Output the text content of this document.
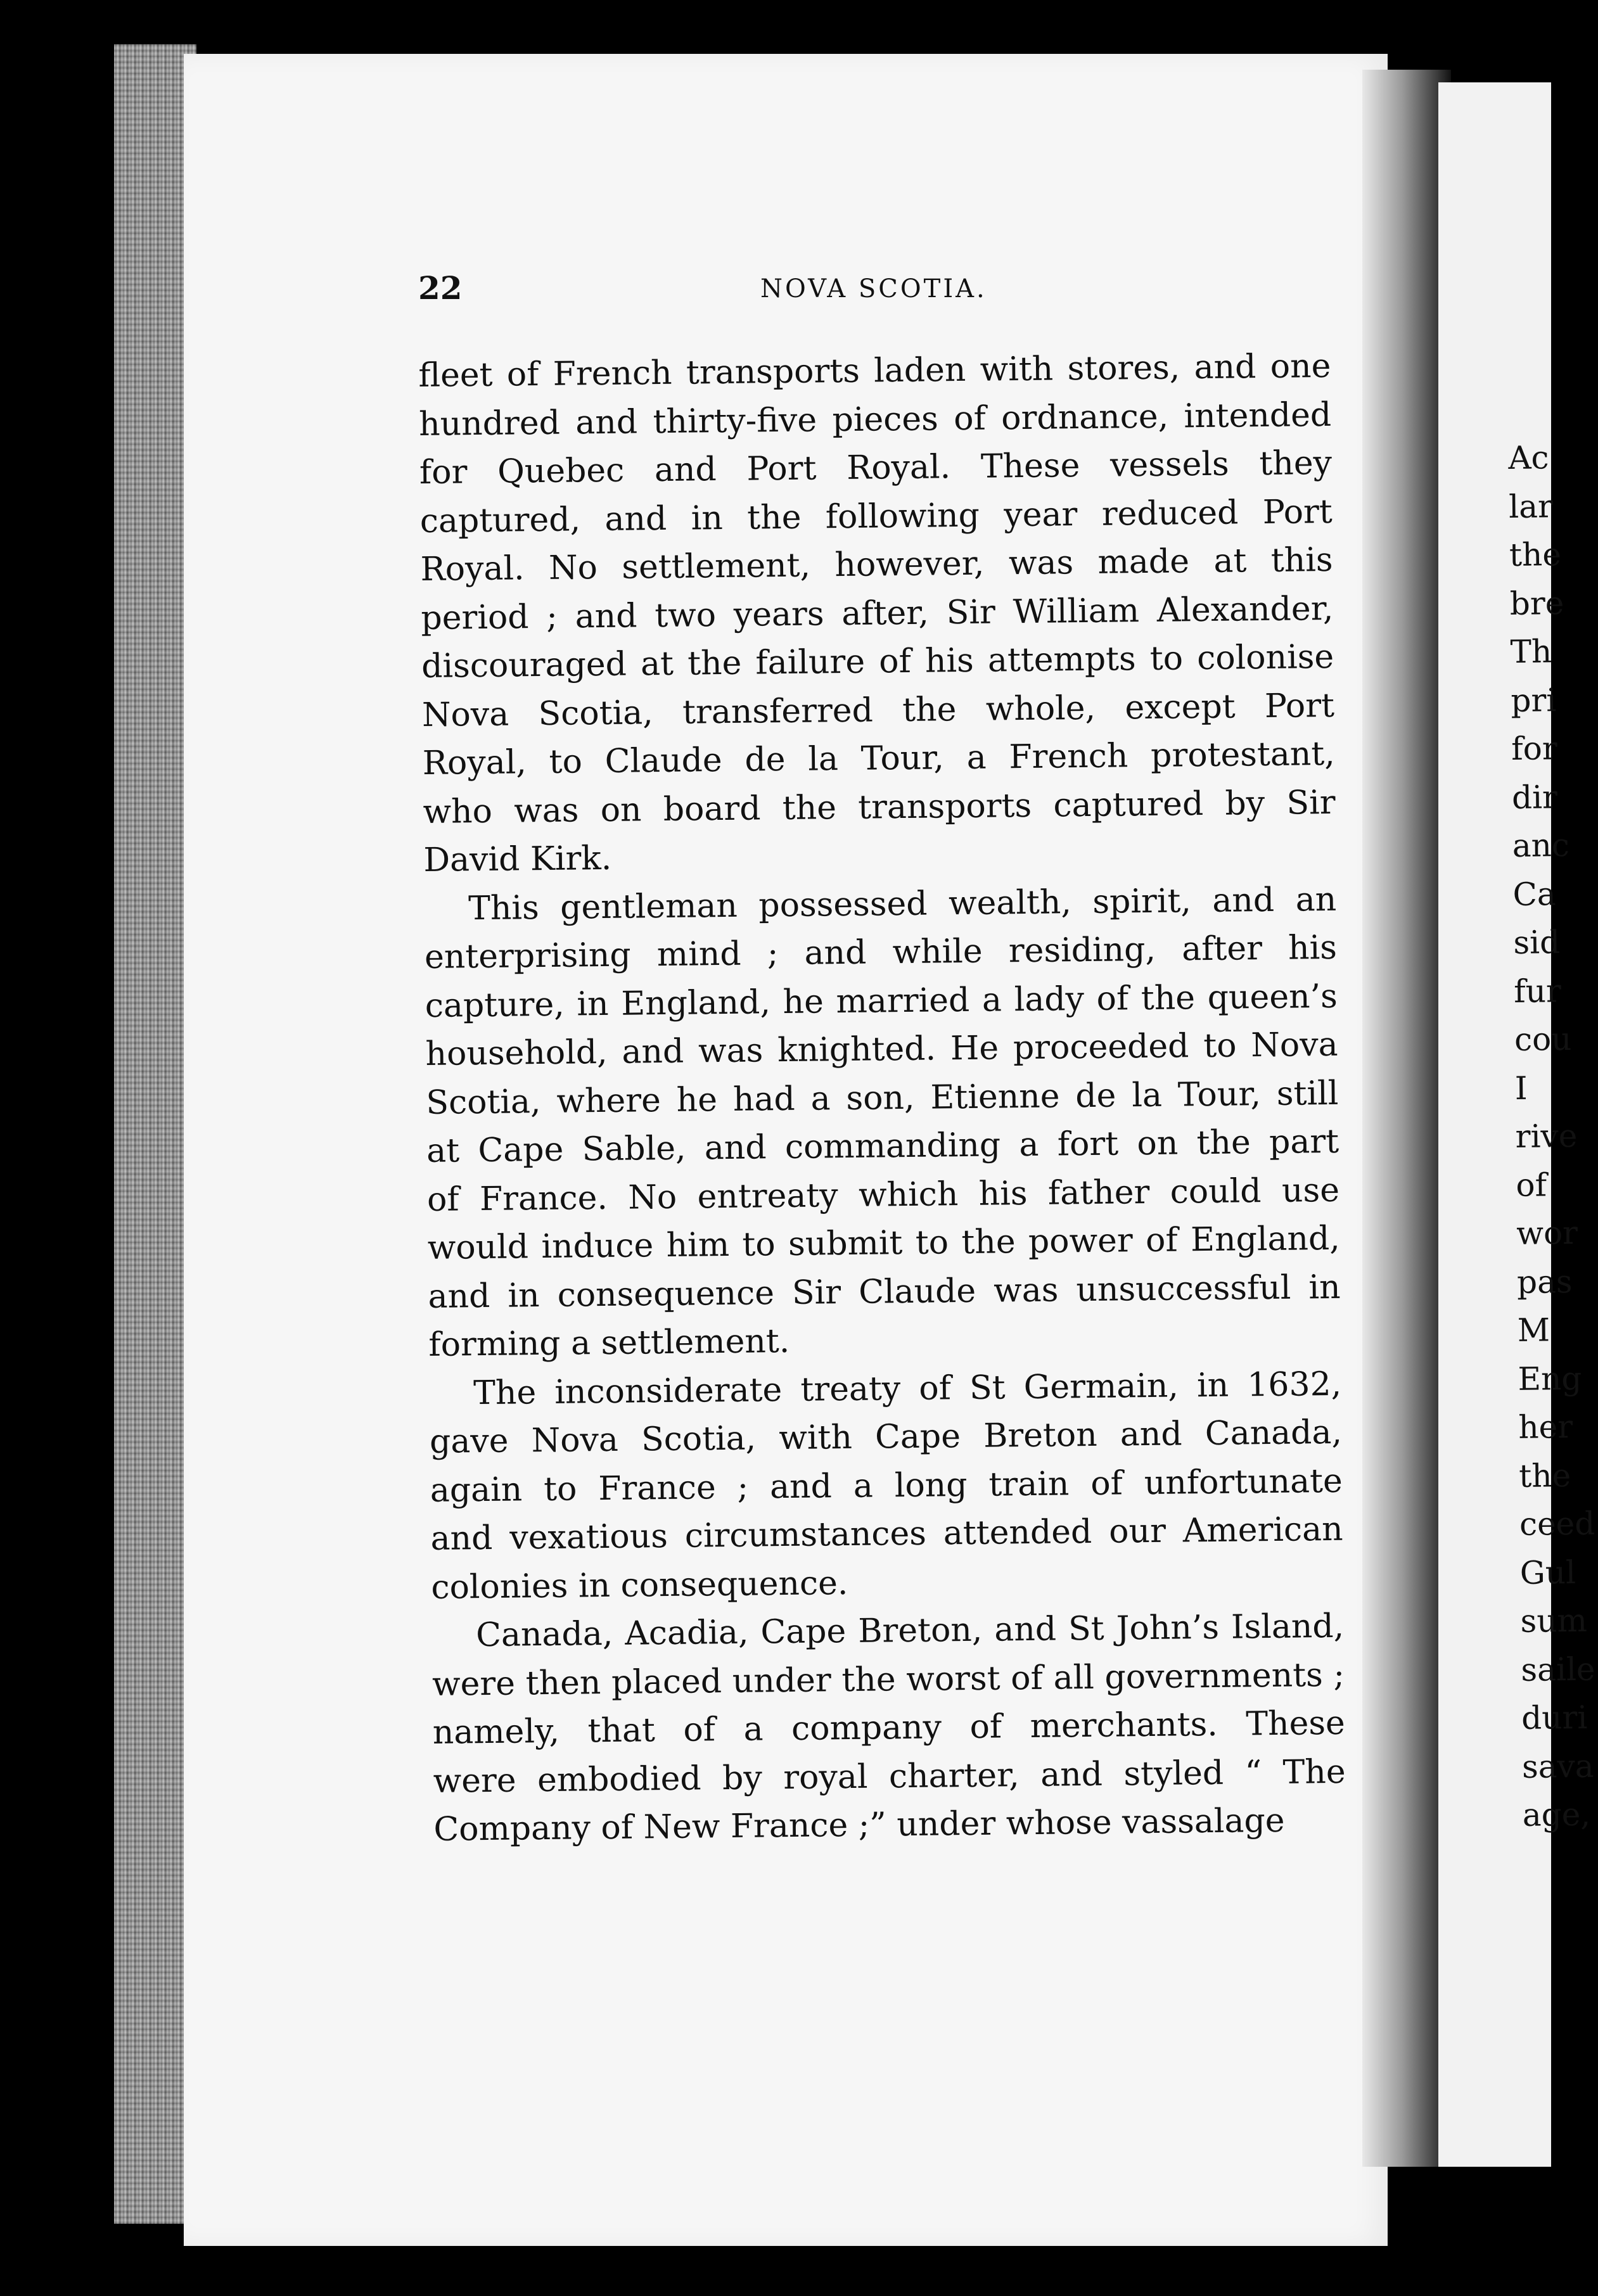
Ac
lar
the
bre
Th
pri
for
dir
anc
Ca
sid
fur
cou
I
rive
of
wor
pas
M
Eng
her
the
ceed
Gul
sum
saile
duri
sava
age,
22	NOVA SCOTIA.
fleet of French transports laden with stores, and one
hundred and thirty-five pieces of ordnance, intended
for Quebec and Port Royal. These vessels they
captured, and in the following year reduced Port
Royal. No settlement, however, was made at this
period ; and two years after, Sir William Alexander,
discouraged at the failure of his attempts to colonise
Nova Scotia, transferred the whole, except Port
Royal, to Claude de la Tour, a French protestant,
who was on board the transports captured by Sir
David Kirk.
This gentleman possessed wealth, spirit, and an
enterprising mind ; and while residing, after his
capture, in England, he married a lady of the queen’s
household, and was knighted. He proceeded to Nova
Scotia, where he had a son, Etienne de la Tour, still
at Cape Sable, and commanding a fort on the part
of France. No entreaty which his father could use
would induce him to submit to the power of England,
and in consequence Sir Claude was unsuccessful in
forming a settlement.
The inconsiderate treaty of St Germain, in 1632,
gave Nova Scotia, with Cape Breton and Canada,
again to France ; and a long train of unfortunate
and vexatious circumstances attended our American
colonies in consequence.
Canada, Acadia, Cape Breton, and St John’s Island,
were then placed under the worst of all governments ;
namely, that of a company of merchants. These
were embodied by royal charter, and styled “ The
Company of New France ;” under whose vassalage
